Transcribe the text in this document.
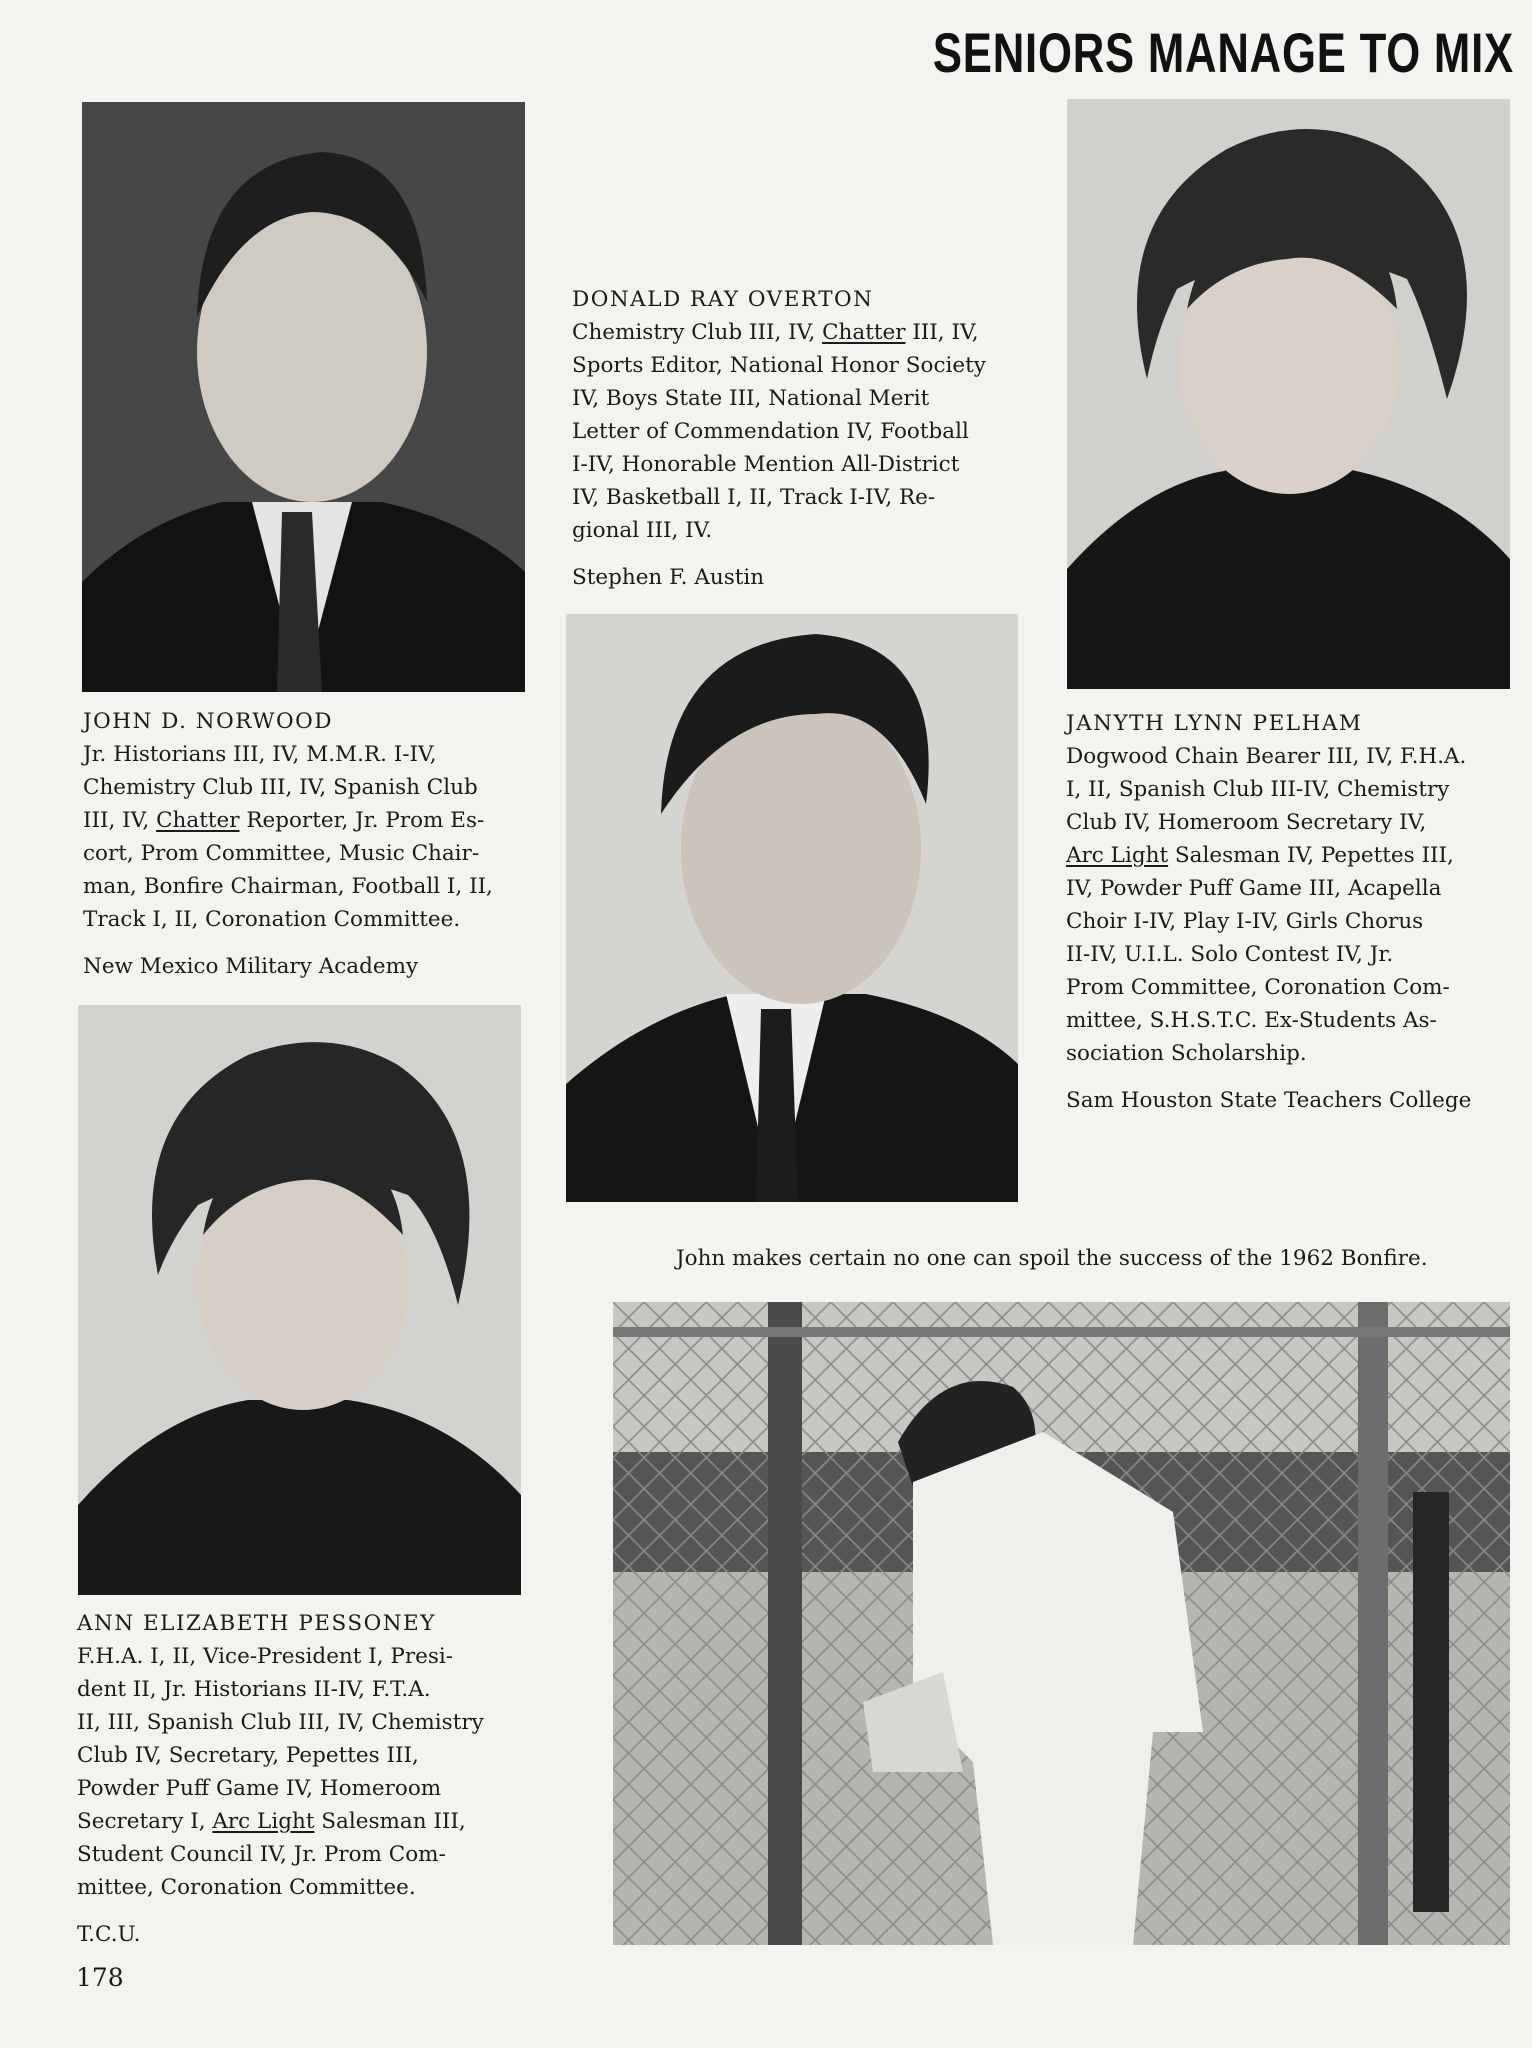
SENIORS MANAGE TO MIX
JOHN D. NORWOOD
Jr. Historians III, IV, M.M.R. I-IV,
Chemistry Club III, IV, Spanish Club
III, IV, Chatter Reporter, Jr. Prom Es-
cort, Prom Committee, Music Chair-
man, Bonfire Chairman, Football I, II,
Track I, II, Coronation Committee.
New Mexico Military Academy
DONALD RAY OVERTON
Chemistry Club III, IV, Chatter III, IV,
Sports Editor, National Honor Society
IV, Boys State III, National Merit
Letter of Commendation IV, Football
I-IV, Honorable Mention All-District
IV, Basketball I, II, Track I-IV, Re-
gional III, IV.
Stephen F. Austin
JANYTH LYNN PELHAM
Dogwood Chain Bearer III, IV, F.H.A.
I, II, Spanish Club III-IV, Chemistry
Club IV, Homeroom Secretary IV,
Arc Light Salesman IV, Pepettes III,
IV, Powder Puff Game III, Acapella
Choir I-IV, Play I-IV, Girls Chorus
II-IV, U.I.L. Solo Contest IV, Jr.
Prom Committee, Coronation Com-
mittee, S.H.S.T.C. Ex-Students As-
sociation Scholarship.
Sam Houston State Teachers College
ANN ELIZABETH PESSONEY
F.H.A. I, II, Vice-President I, Presi-
dent II, Jr. Historians II-IV, F.T.A.
II, III, Spanish Club III, IV, Chemistry
Club IV, Secretary, Pepettes III,
Powder Puff Game IV, Homeroom
Secretary I, Arc Light Salesman III,
Student Council IV, Jr. Prom Com-
mittee, Coronation Committee.
T.C.U.
John makes certain no one can spoil the success of the 1962 Bonfire.
178
